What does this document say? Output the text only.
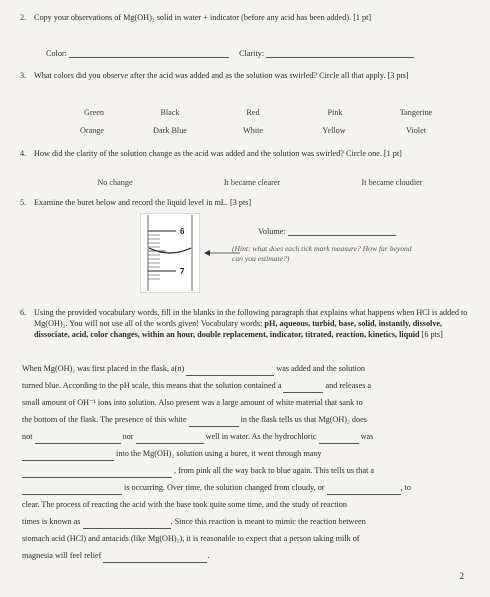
2. Copy your observations of Mg(OH)₂ solid in water + indicator (before any acid has been added). [1 pt]
Color:	Clarity:
3. What colors did you observe after the acid was added and as the solution was swirled? Circle all that apply. [3 pts]
Green	Black	Red	Pink	Tangerine
Orange	Dark Blue	White	Yellow	Violet
4. How did the clarity of the solution change as the acid was added and the solution was swirled? Circle one. [1 pt]
No change	It became clearer	It became cloudier
5. Examine the buret below and record the liquid level in mL. [3 pts]
6
7
Volume:
(Hint: what does each tick mark measure? How far beyond can you estimate?)
6. Using the provided vocabulary words, fill in the blanks in the following paragraph that explains what happens when HCl is added to Mg(OH)₂. You will not use all of the words given! Vocabulary words: pH, aqueous, turbid, base, solid, instantly, dissolve, dissociate, acid, color changes, within an hour, double replacement, indicator, titrated, reaction, kinetics, liquid [6 pts]
When Mg(OH)₂ was first placed in the flask, a(n)	was added and the solution
turned blue. According to the pH scale, this means that the solution contained a	and releases a
small amount of OH⁻¹ ions into solution. Also present was a large amount of white material that sank to
the bottom of the flask. The presence of this white	in the flask tells us that Mg(OH)₂ does
not	nor	well in water. As the hydrochloric	was
into the Mg(OH)₂ solution using a buret, it went through many
, from pink all the way back to blue again. This tells us that a
is occurring. Over time, the solution changed from cloudy, or	, to
clear. The process of reacting the acid with the base took quite some time, and the study of reaction
times is known as	. Since this reaction is meant to mimic the reaction between
stomach acid (HCl) and antacids (like Mg(OH)₂), it is reasonable to expect that a person taking milk of
magnesia will feel relief	.
2
